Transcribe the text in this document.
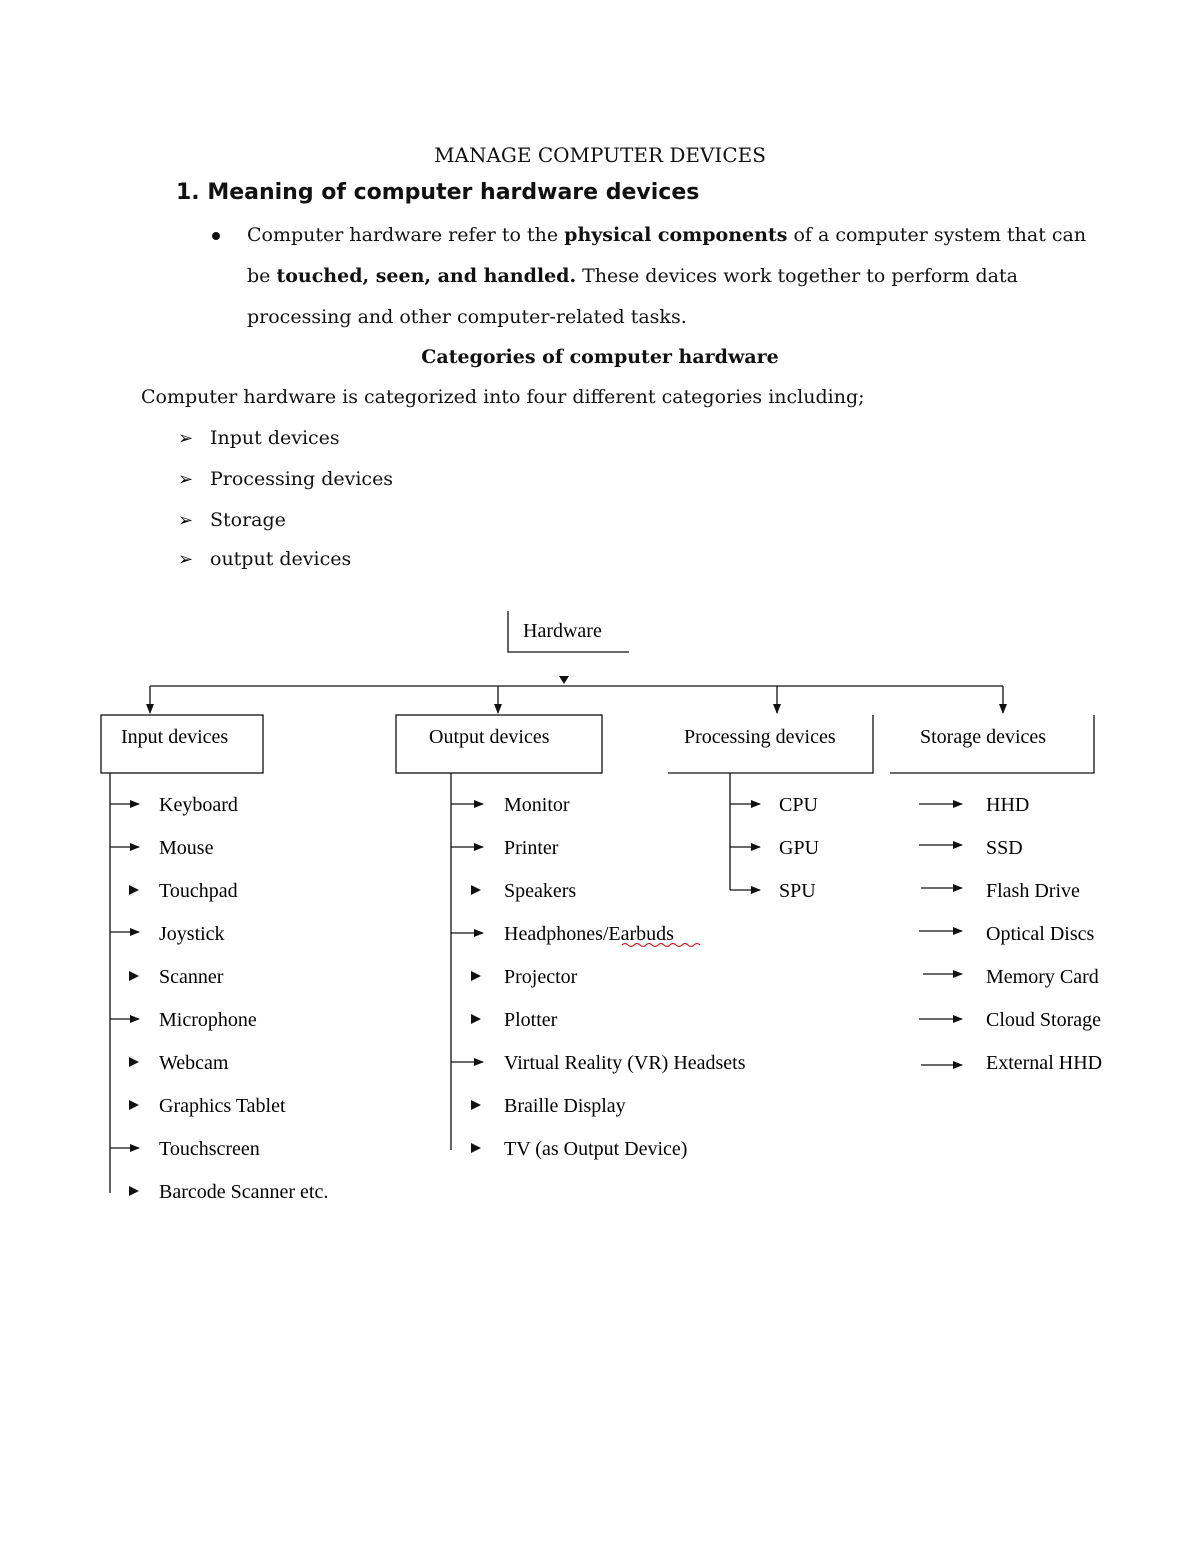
MANAGE COMPUTER DEVICES
1. Meaning of computer hardware devices
Computer hardware refer to the physical components of a computer system that can
be touched, seen, and handled. These devices work together to perform data
processing and other computer-related tasks.
Categories of computer hardware
Computer hardware is categorized into four different categories including;
➢ Input devices
➢ Processing devices
➢ Storage
➢ output devices
Hardware
Input devices	Output devices	Processing devices	Storage devices
Keyboard
Mouse
Touchpad
Joystick
Scanner
Microphone
Webcam
Graphics Tablet
Touchscreen
Barcode Scanner etc.
Monitor
Printer
Speakers
Headphones/Earbuds
Projector
Plotter
Virtual Reality (VR) Headsets
Braille Display
TV (as Output Device)
CPU
GPU
SPU
HHD
SSD
Flash Drive
Optical Discs
Memory Card
Cloud Storage
External HHD
